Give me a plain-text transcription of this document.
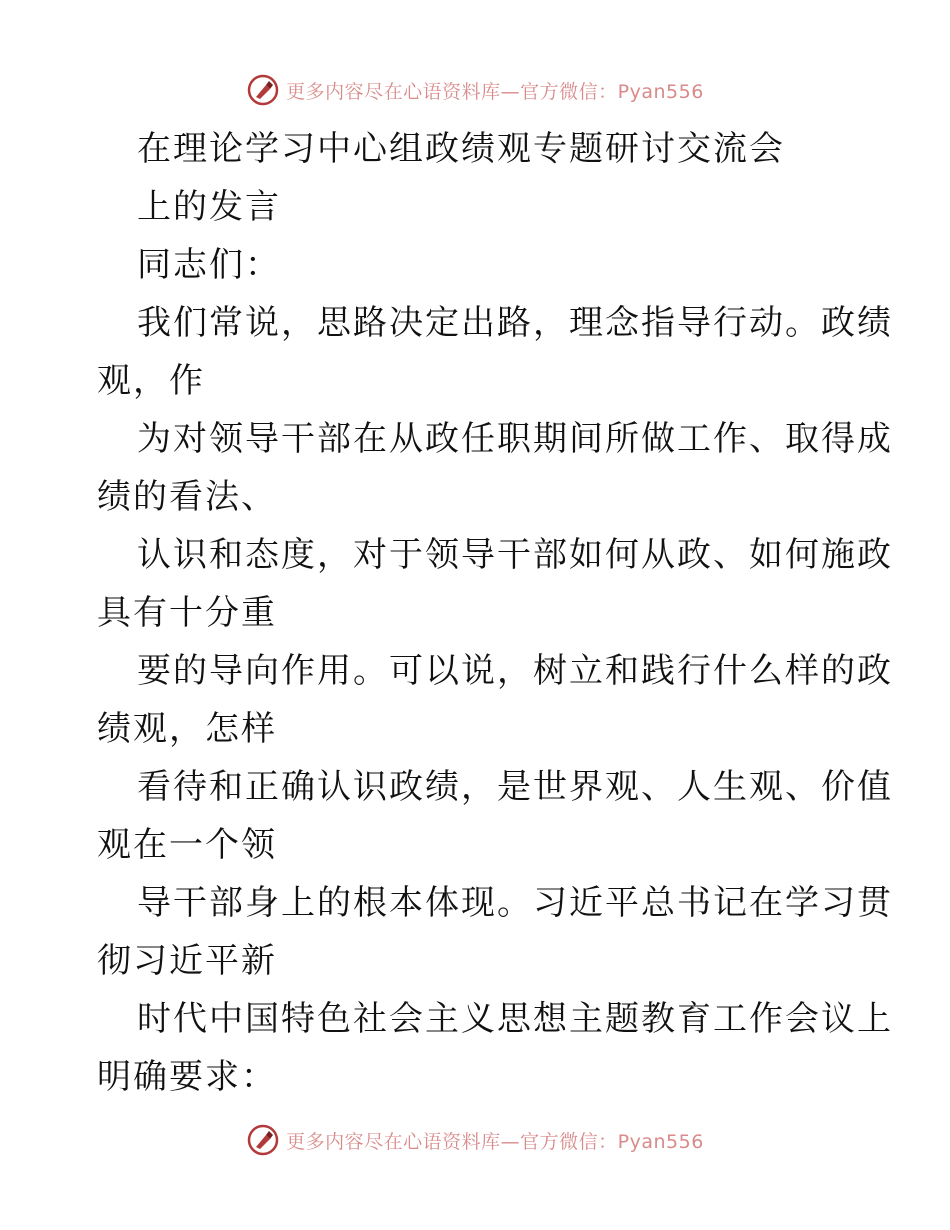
更多内容尽在心语资料库—官方微信：Pyan556
在理论学习中心组政绩观专题研讨交流会
上的发言
同志们：
我们常说，思路决定出路，理念指导行动。政绩
观，作
为对领导干部在从政任职期间所做工作、取得成
绩的看法、
认识和态度，对于领导干部如何从政、如何施政
具有十分重
要的导向作用。可以说，树立和践行什么样的政
绩观，怎样
看待和正确认识政绩，是世界观、人生观、价值
观在一个领
导干部身上的根本体现。习近平总书记在学习贯
彻习近平新
时代中国特色社会主义思想主题教育工作会议上
明确要求：
更多内容尽在心语资料库—官方微信：Pyan556
